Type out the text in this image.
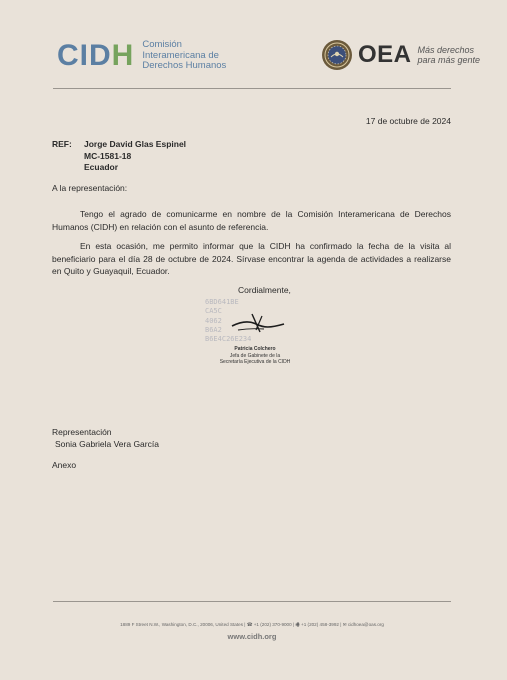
CIDH Comisión
Interamericana de
Derechos Humanos	OEA Más derechos
para más gente
17 de octubre de 2024
REF: Jorge David Glas Espinel
MC-1581-18
Ecuador
A la representación:
Tengo el agrado de comunicarme en nombre de la Comisión Interamericana de Derechos Humanos (CIDH) en relación con el asunto de referencia.
En esta ocasión, me permito informar que la CIDH ha confirmado la fecha de la visita al beneficiario para el día 28 de octubre de 2024. Sírvase encontrar la agenda de actividades a realizarse en Quito y Guayaquil, Ecuador.
Cordialmente,
6BD641BE
CA5C
4062
B6A2
B6E4C26E234
Patricia Colchero
Jefa de Gabinete de la
Secretaría Ejecutiva de la CIDH
Representación
Sonia Gabriela Vera García
Anexo
1889 F Street N.W., Washington, D.C., 20006, United States | ☎ +1 (202) 370-9000 | 🖷 +1 (202) 458-3992 | ✉ cidhoea@oas.org
www.cidh.org
